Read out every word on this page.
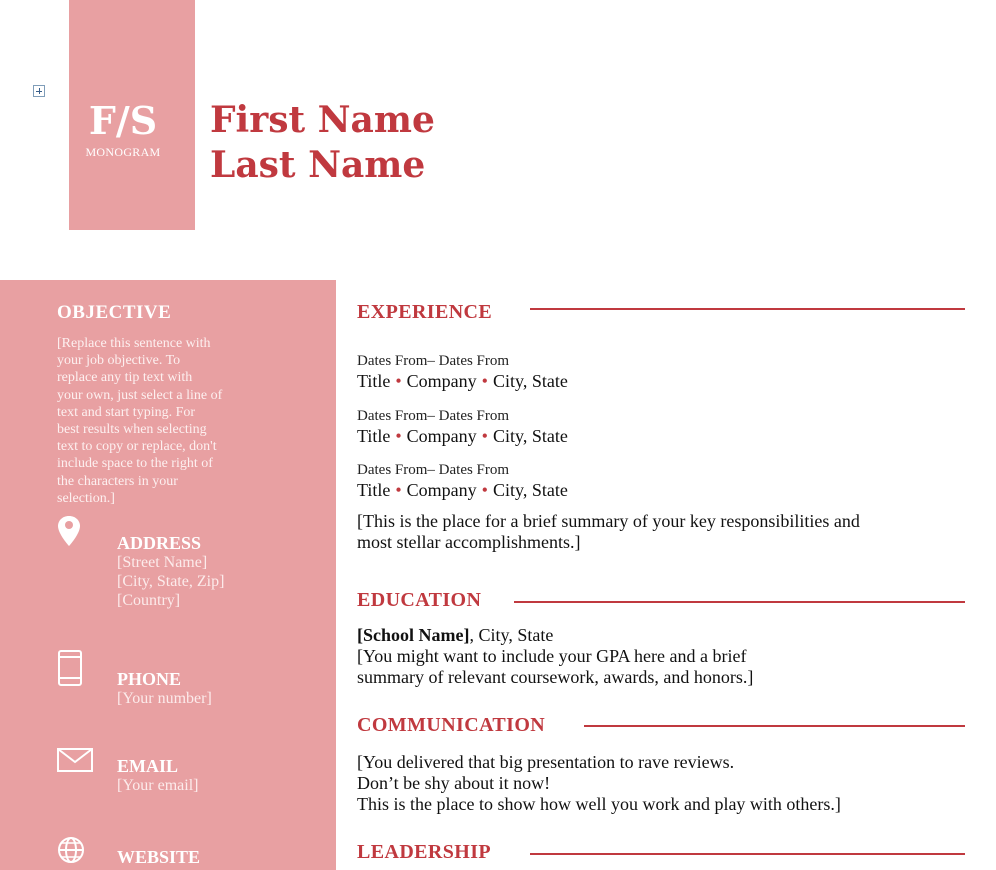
F/S
MONOGRAM
First Name
Last Name
OBJECTIVE
[Replace this sentence with
your job objective. To
replace any tip text with
your own, just select a line of
text and start typing. For
best results when selecting
text to copy or replace, don't
include space to the right of
the characters in your
selection.]
ADDRESS
[Street Name]
[City, State, Zip]
[Country]
PHONE
[Your number]
EMAIL
[Your email]
WEBSITE
EXPERIENCE
Dates From– Dates From
Title • Company • City, State
Dates From– Dates From
Title • Company • City, State
Dates From– Dates From
Title • Company • City, State
[This is the place for a brief summary of your key responsibilities and
most stellar accomplishments.]
EDUCATION
[School Name], City, State
[You might want to include your GPA here and a brief
summary of relevant coursework, awards, and honors.]
COMMUNICATION
[You delivered that big presentation to rave reviews.
Don’t be shy about it now!
This is the place to show how well you work and play with others.]
LEADERSHIP
